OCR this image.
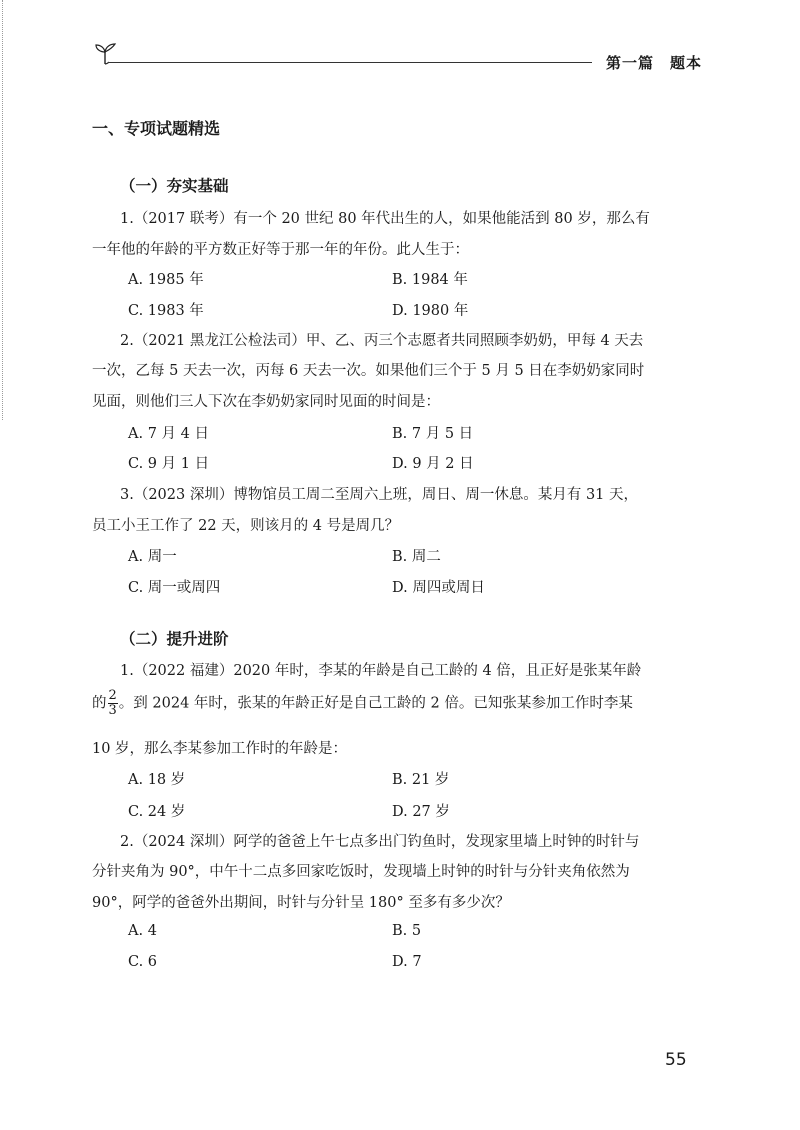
第一篇　题本
一、专项试题精选
（一）夯实基础
1.（2017 联考）有一个 20 世纪 80 年代出生的人，如果他能活到 80 岁，那么有
一年他的年龄的平方数正好等于那一年的年份。此人生于：
A. 1985 年	B. 1984 年
C. 1983 年	D. 1980 年
2.（2021 黑龙江公检法司）甲、乙、丙三个志愿者共同照顾李奶奶，甲每 4 天去
一次，乙每 5 天去一次，丙每 6 天去一次。如果他们三个于 5 月 5 日在李奶奶家同时
见面，则他们三人下次在李奶奶家同时见面的时间是：
A. 7 月 4 日	B. 7 月 5 日
C. 9 月 1 日	D. 9 月 2 日
3.（2023 深圳）博物馆员工周二至周六上班，周日、周一休息。某月有 31 天，
员工小王工作了 22 天，则该月的 4 号是周几？
A. 周一	B. 周二
C. 周一或周四	D. 周四或周日
（二）提升进阶
1.（2022 福建）2020 年时，李某的年龄是自己工龄的 4 倍，且正好是张某年龄
的 $\frac{2}{3}$ 。到 2024 年时，张某的年龄正好是自己工龄的 2 倍。已知张某参加工作时李某
10 岁，那么李某参加工作时的年龄是：
A. 18 岁	B. 21 岁
C. 24 岁	D. 27 岁
2.（2024 深圳）阿学的爸爸上午七点多出门钓鱼时，发现家里墙上时钟的时针与
分针夹角为 90°，中午十二点多回家吃饭时，发现墙上时钟的时针与分针夹角依然为
90°，阿学的爸爸外出期间，时针与分针呈 180° 至多有多少次？
A. 4	B. 5
C. 6	D. 7
55
